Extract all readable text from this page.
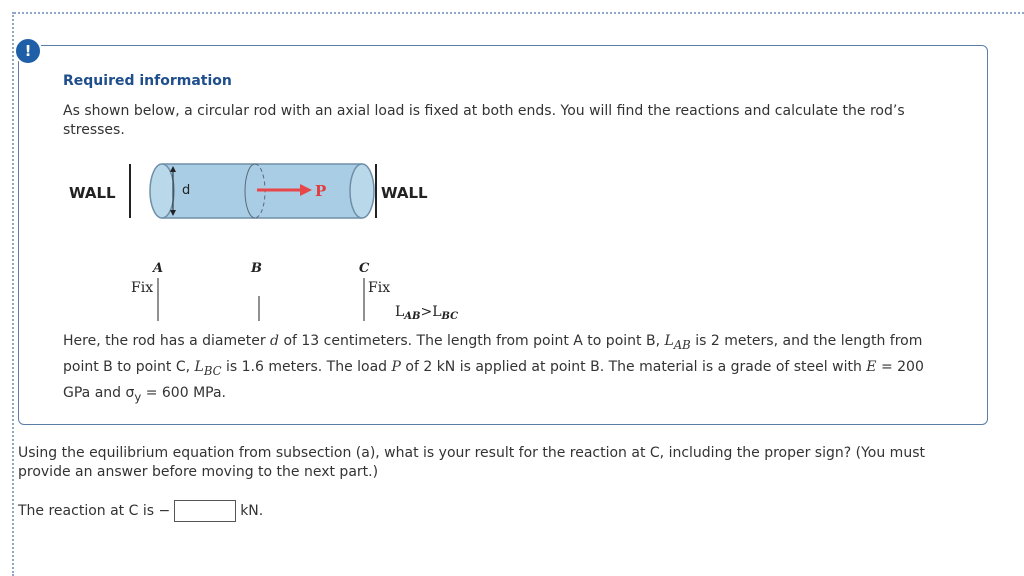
!
Required information
As shown below, a circular rod with an axial load is fixed at both ends. You will find the reactions and calculate the rod’s stresses.
WALL	d	P	WALL
A	B	C
Fix	Fix
$L_{AB}>L_{BC}$
Here, the rod has a diameter d of 13 centimeters. The length from point A to point B, $L_{AB}$ is 2 meters, and the length from point B to point C, $L_{BC}$ is 1.6 meters. The load P of 2 kN is applied at point B. The material is a grade of steel with E = 200 GPa and $\sigma_y = 600$ MPa.
Using the equilibrium equation from subsection (a), what is your result for the reaction at C, including the proper sign? (You must provide an answer before moving to the next part.)
The reaction at C is −	kN.
